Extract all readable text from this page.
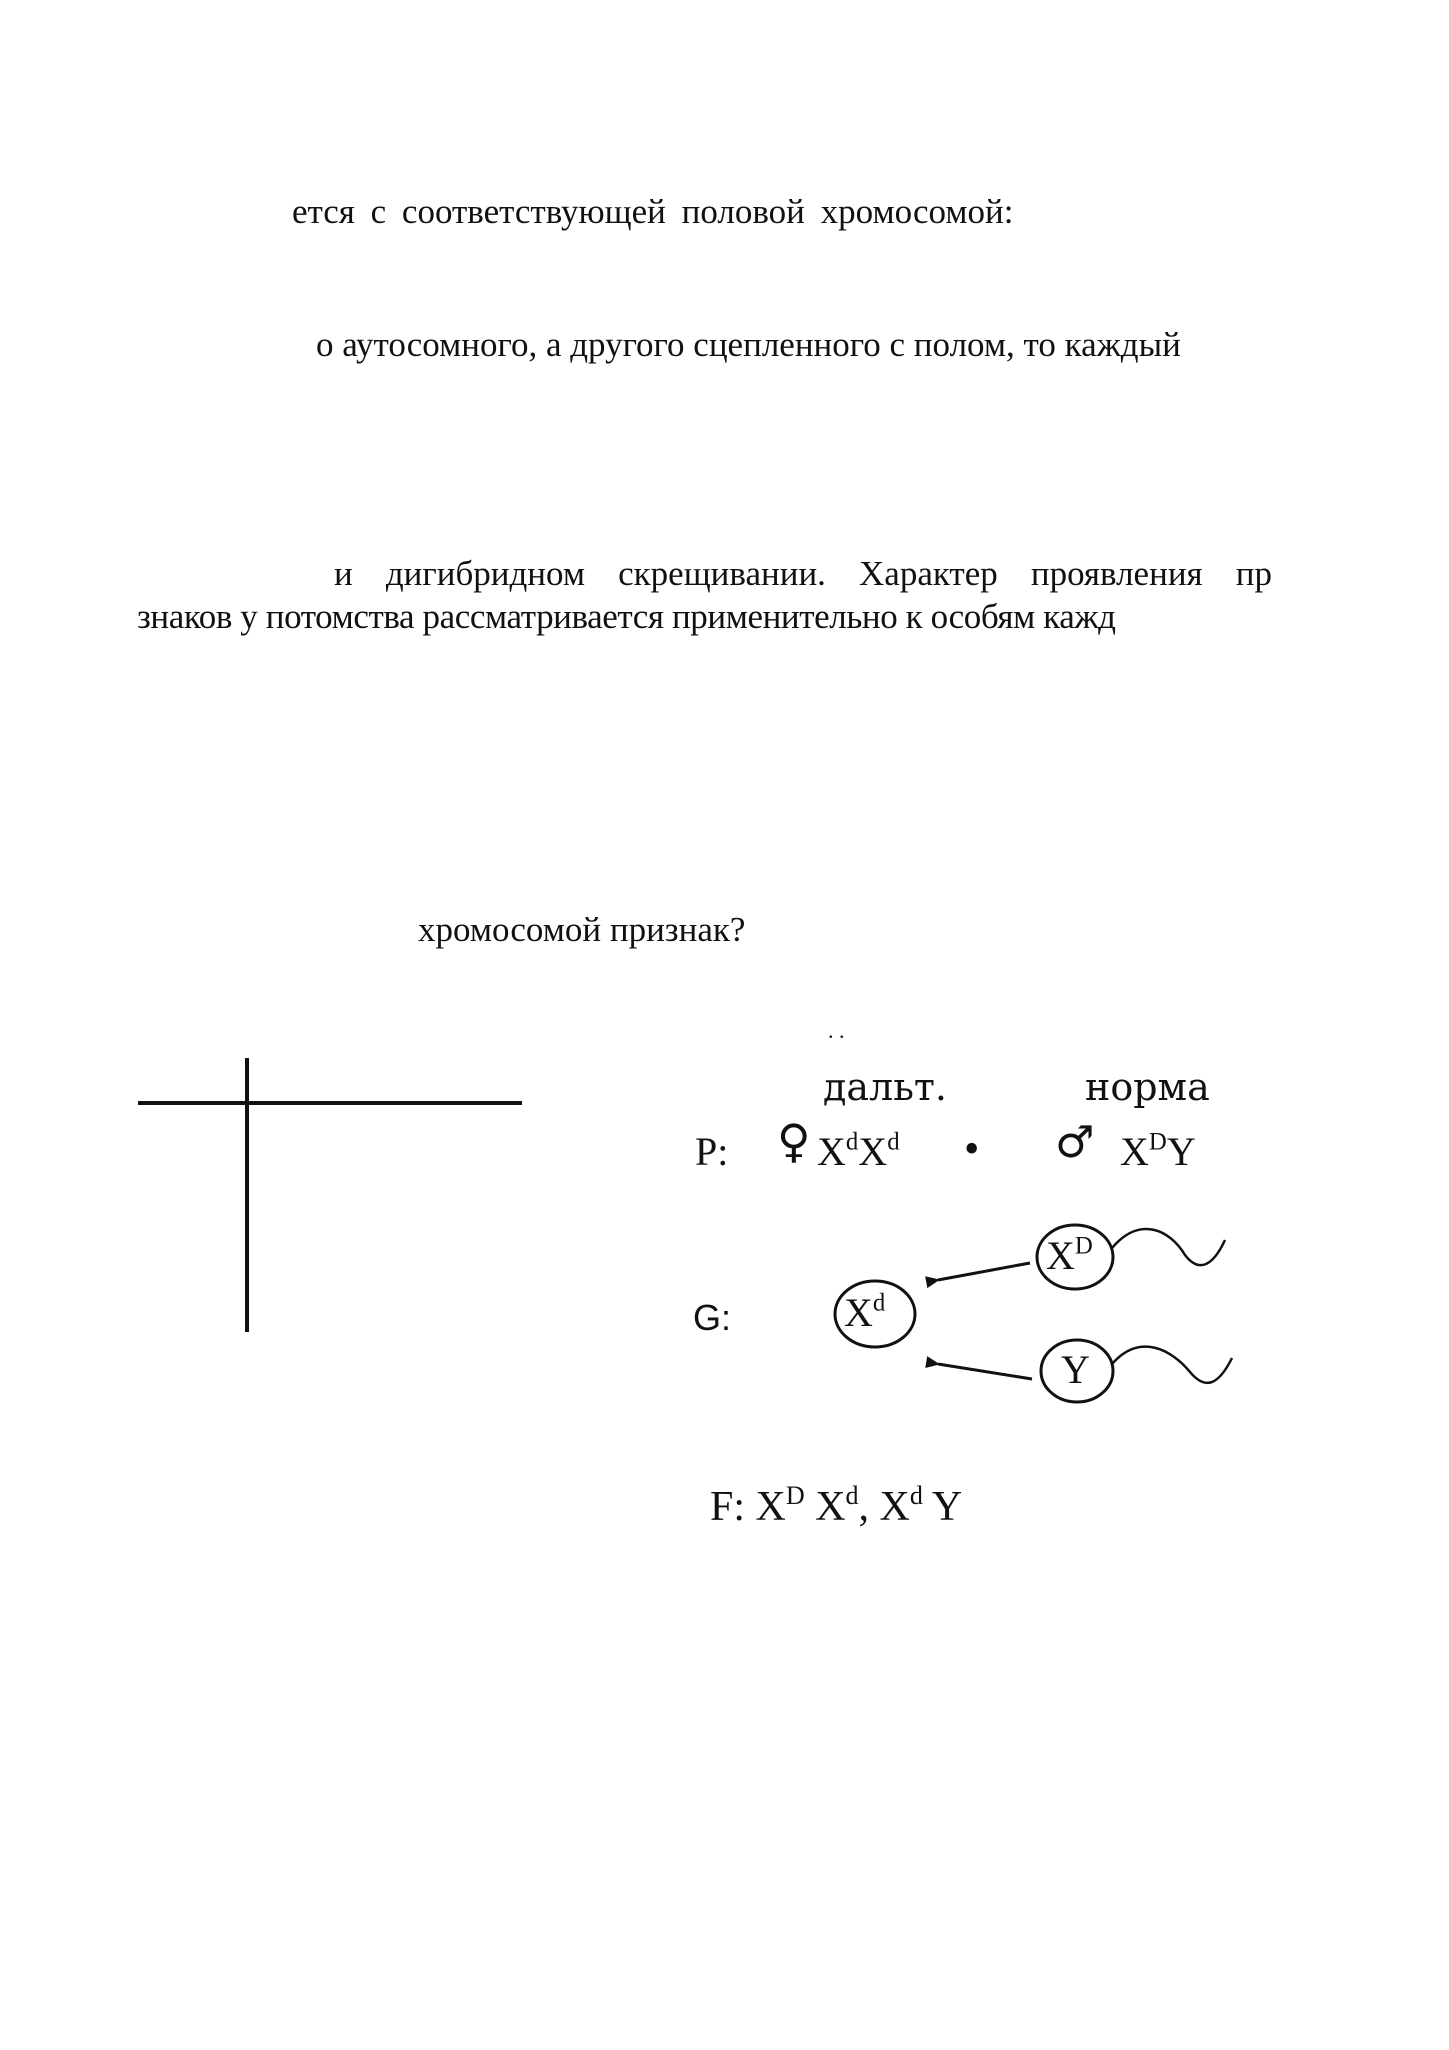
ется с соответствующей половой хромосомой:
о аутосомного, а другого сцепленного с полом, то каждый
и дигибридном скрещивании. Характер проявления пр
знаков у потомства рассматривается применительно к особям кажд
хромосомой признак?
. .
дальт.	норма
P: ♀ $X^dX^d$ • ♂ $X^DY$
G:	$X^d$
$X^D$
Y
F: $X^D$ $X^d$, $X^d$ Y
